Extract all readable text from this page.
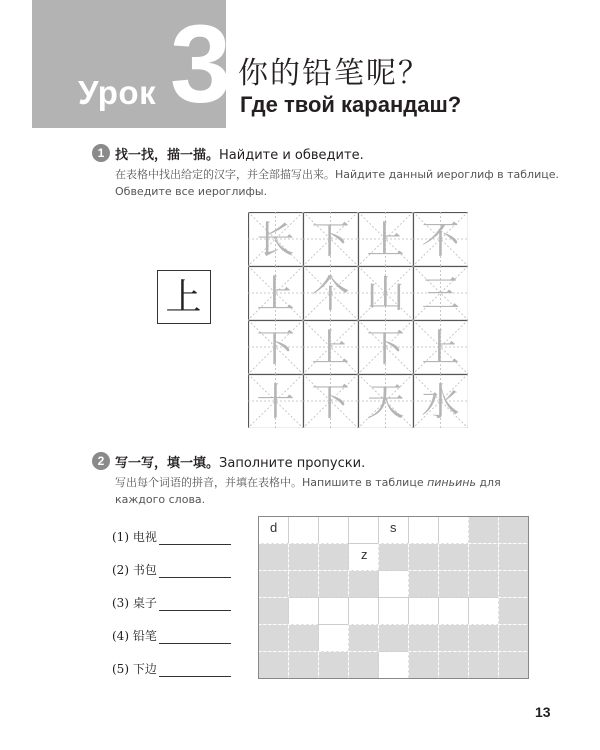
Урок 3 你的铅笔呢？
Где твой карандаш?
1 找一找，描一描。Найдите и обведите.
在表格中找出给定的汉字，并全部描写出来。Найдите данный иероглиф в таблице.
Обведите все иероглифы.
上
长 下 上 不
上 个 山 三
下 上 下 上
十 下 天 水
2 写一写，填一填。Заполните пропуски.
写出每个词语的拼音，并填在表格中。Напишите в таблице пиньинь для
каждого слова.
(1) 电视
(2) 书包
(3) 桌子
(4) 铅笔
(5) 下边
d	s
z
13
